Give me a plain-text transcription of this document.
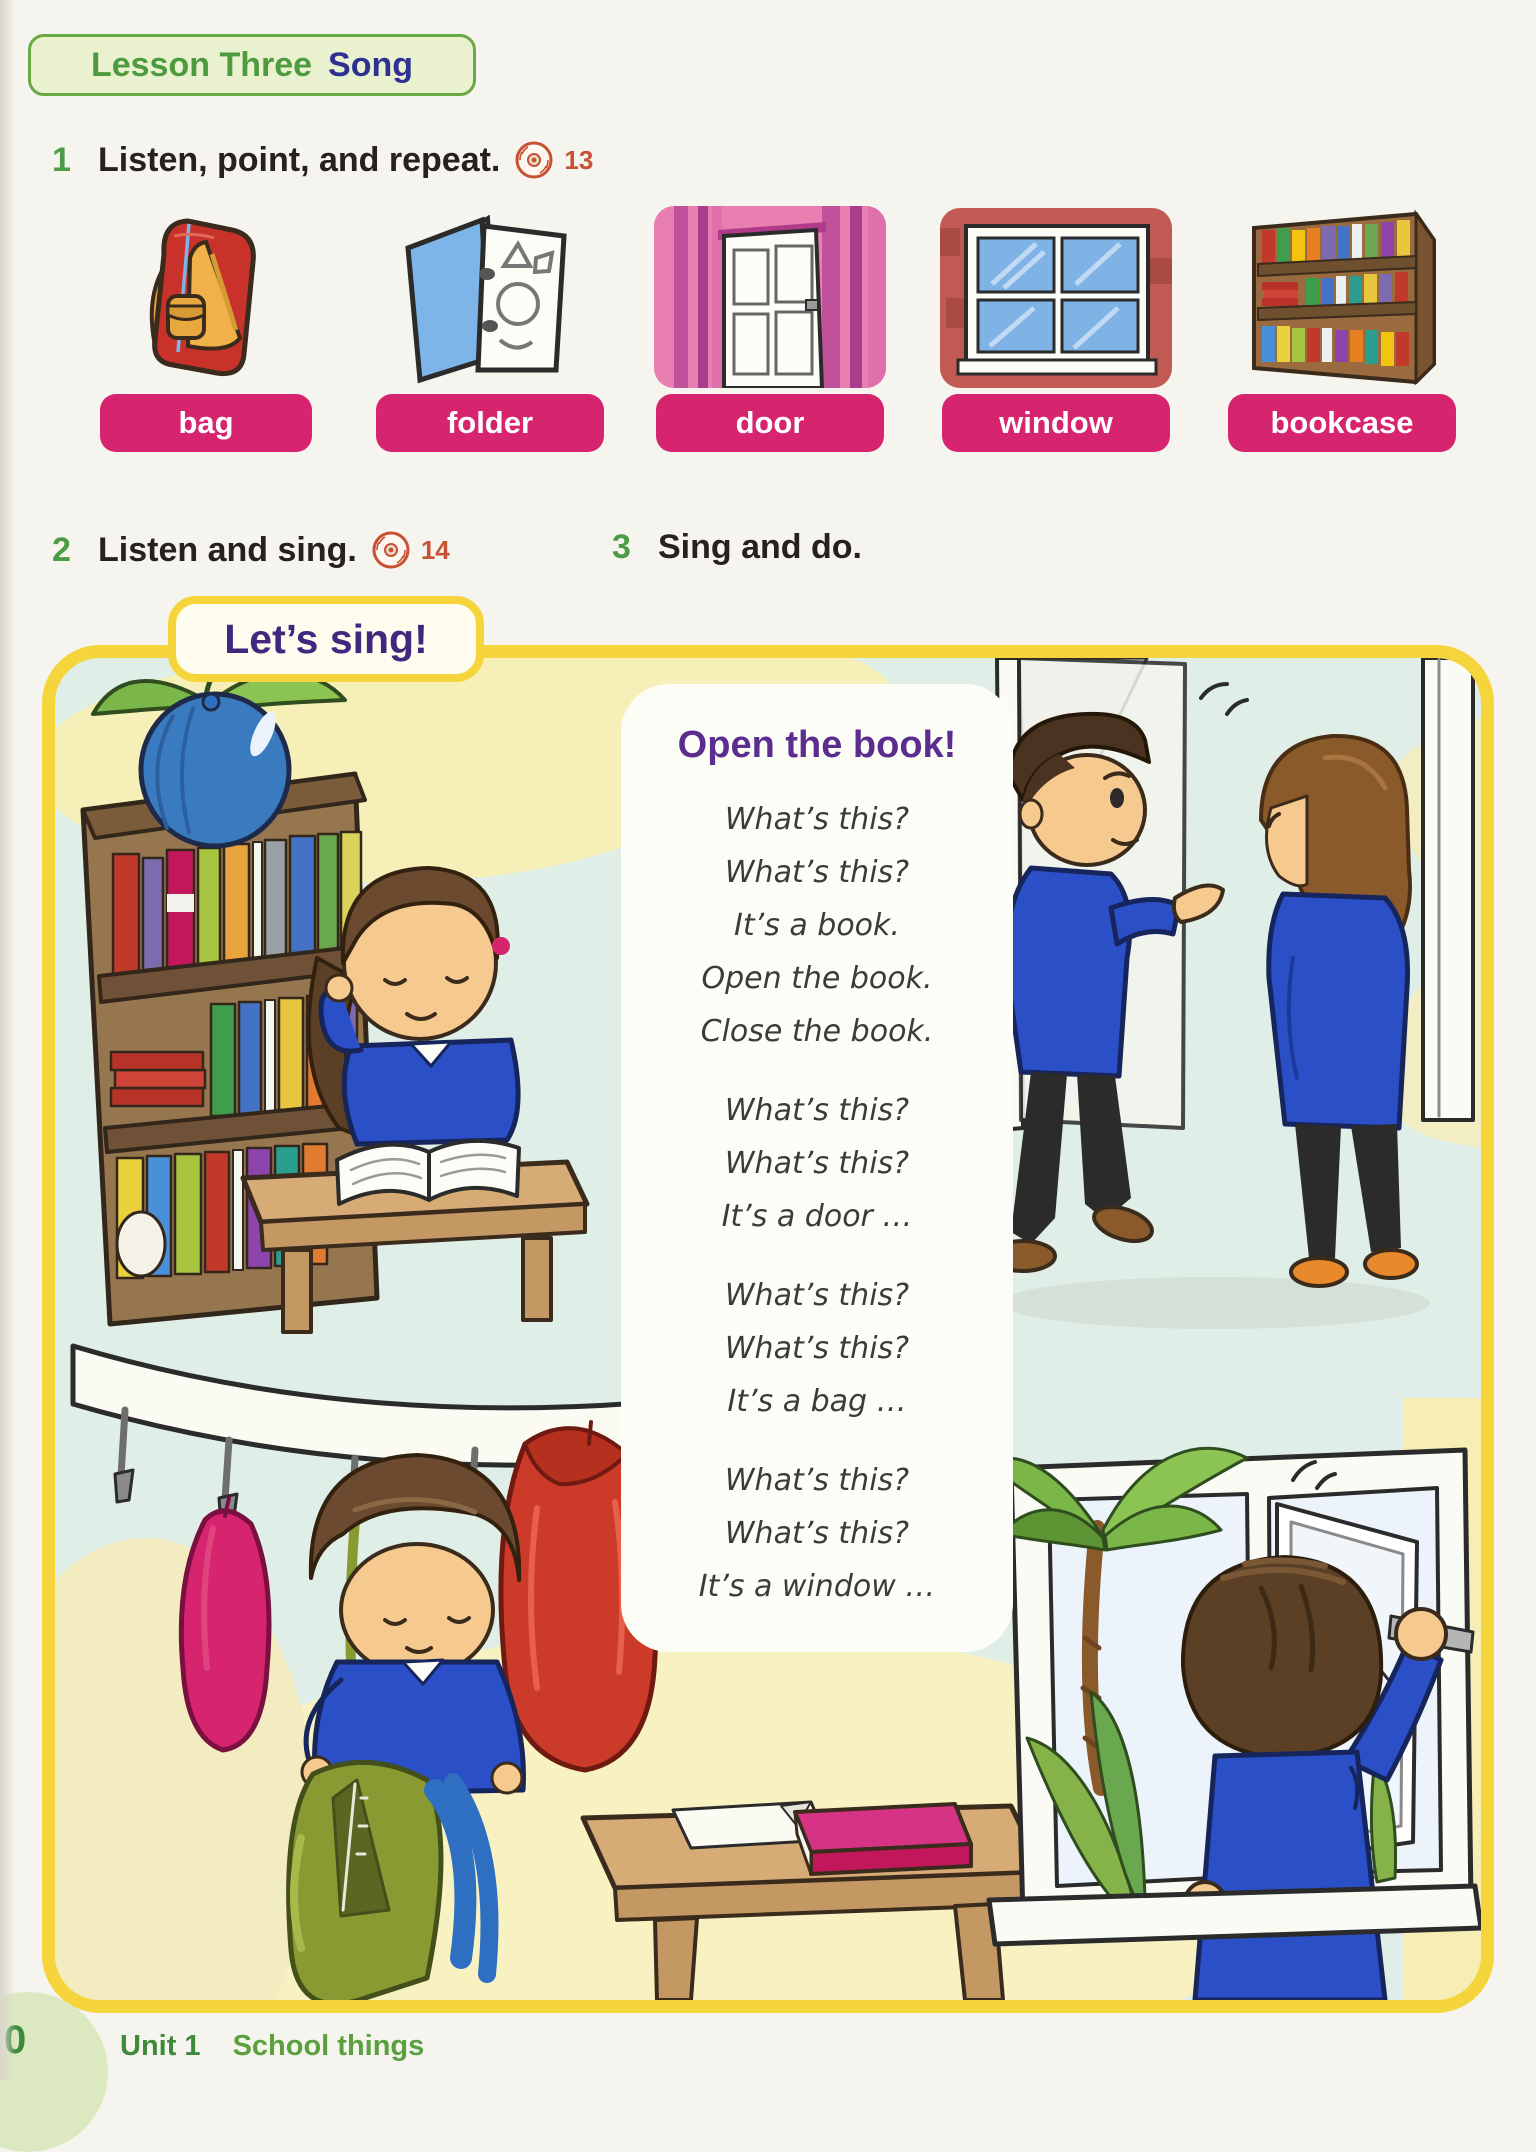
Lesson Three Song
1 Listen, point, and repeat. 13
bag	folder	door	window	bookcase
2 Listen and sing. 14	3 Sing and do.
Open the book!
What’s this?
What’s this?
It’s a book.
Open the book.
Close the book.
What’s this?
What’s this?
It’s a door …
What’s this?
What’s this?
It’s a bag …
What’s this?
What’s this?
It’s a window …
Let’s sing!
0	Unit 1 School things
